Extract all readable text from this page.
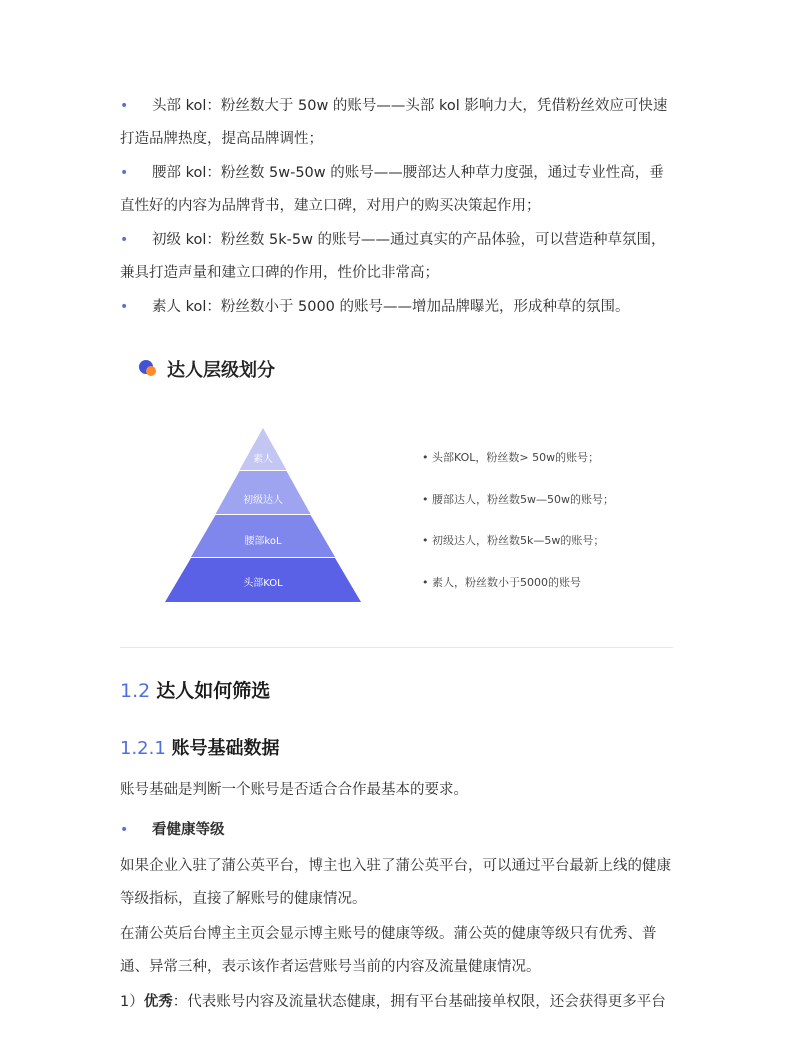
•	头部 kol：粉丝数大于 50w 的账号——头部 kol 影响力大，凭借粉丝效应可快速打造品牌热度，提高品牌调性；

•	腰部 kol：粉丝数 5w-50w 的账号——腰部达人种草力度强，通过专业性高，垂直性好的内容为品牌背书，建立口碑，对用户的购买决策起作用；

•	初级 kol：粉丝数 5k-5w 的账号——通过真实的产品体验，可以营造种草氛围，兼具打造声量和建立口碑的作用，性价比非常高；

•	素人 kol：粉丝数小于 5000 的账号——增加品牌曝光，形成种草的氛围。

达人层级划分
素人
初级达人
腰部koL
头部KOL
• 头部KOL，粉丝数> 50w的账号；
• 腰部达人，粉丝数5w—50w的账号；
• 初级达人，粉丝数5k—5w的账号；
• 素人，粉丝数小于5000的账号
1.2 达人如何筛选
1.2.1 账号基础数据

账号基础是判断一个账号是否适合合作最基本的要求。

• 看健康等级

如果企业入驻了蒲公英平台，博主也入驻了蒲公英平台，可以通过平台最新上线的健康等级指标，直接了解账号的健康情况。

在蒲公英后台博主主页会显示博主账号的健康等级。蒲公英的健康等级只有优秀、普通、异常三种，表示该作者运营账号当前的内容及流量健康情况。

1）优秀：代表账号内容及流量状态健康，拥有平台基础接单权限，还会获得更多平台
